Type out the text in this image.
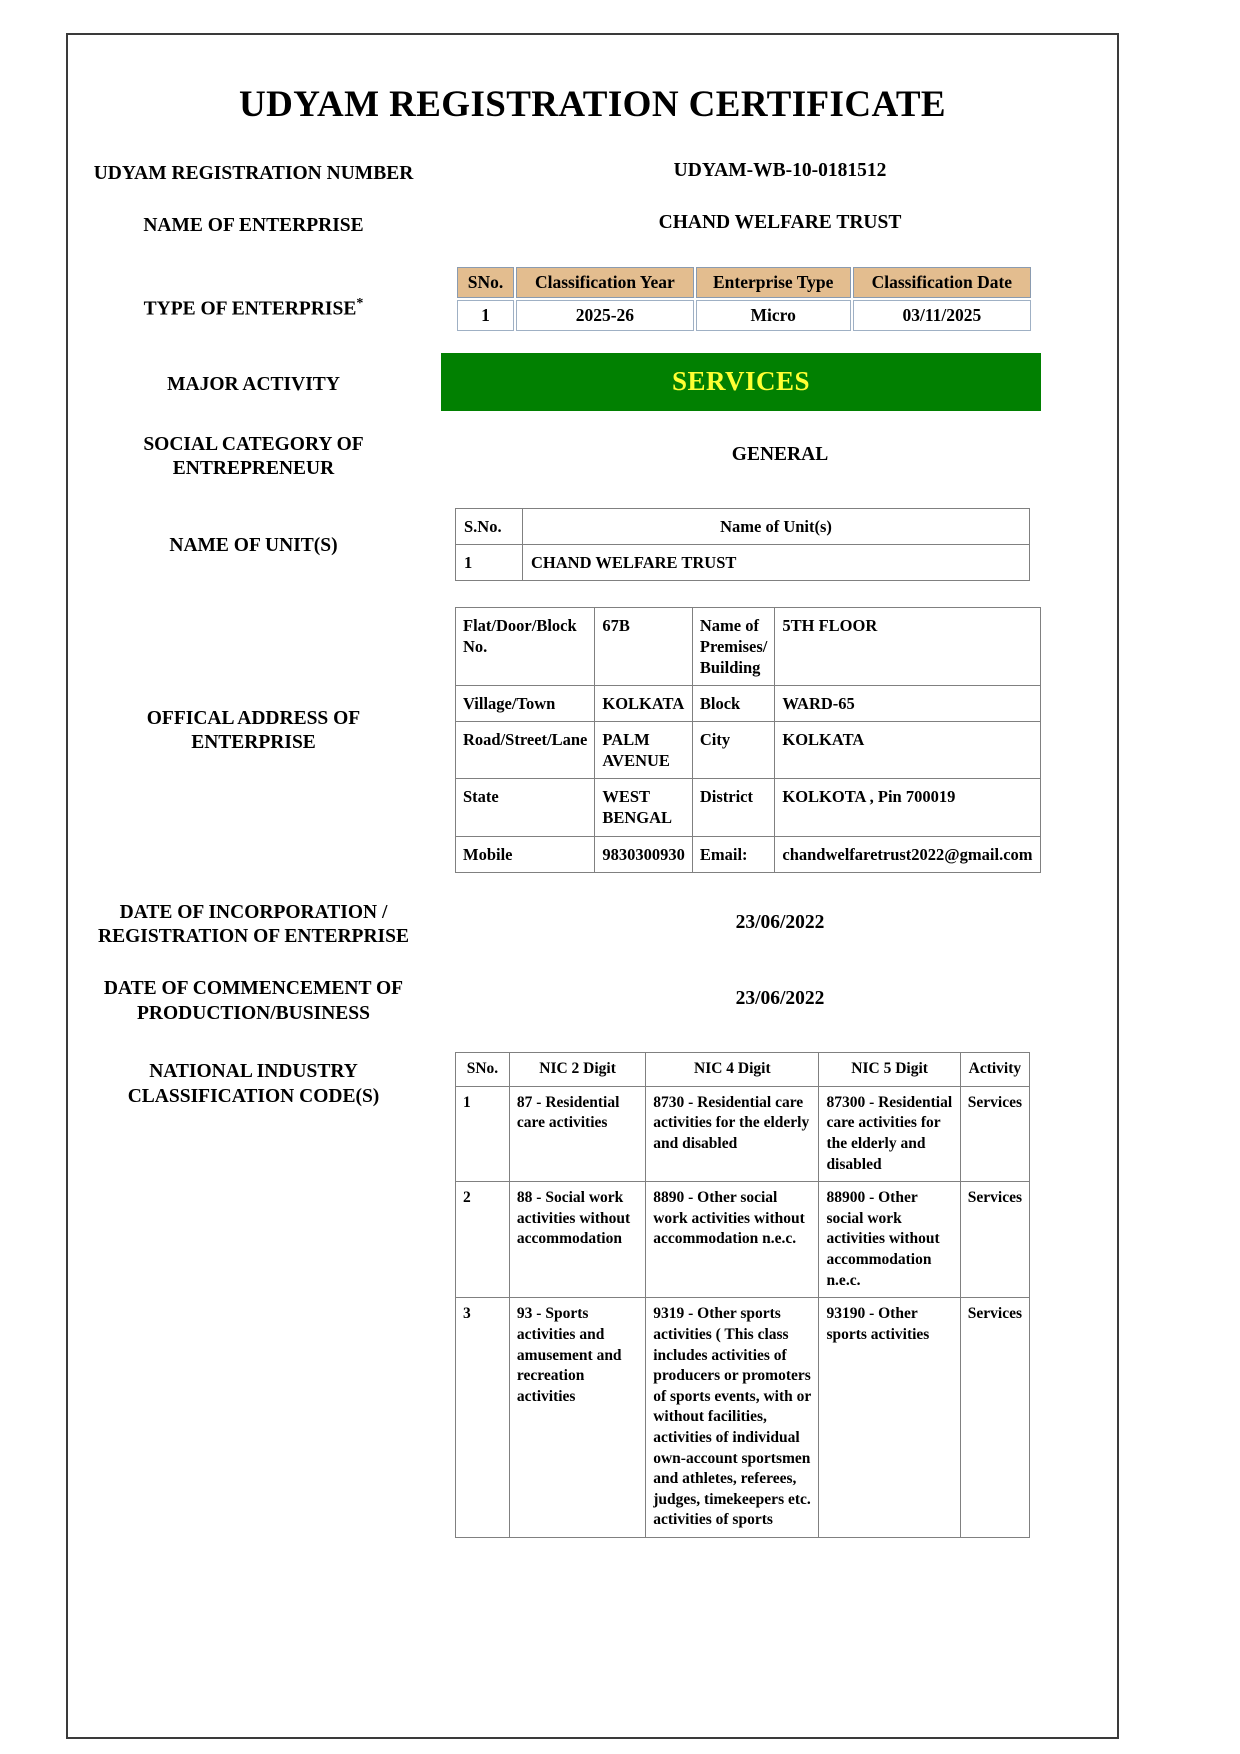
UDYAM REGISTRATION CERTIFICATE
UDYAM REGISTRATION NUMBER	UDYAM-WB-10-0181512
NAME OF ENTERPRISE	CHAND WELFARE TRUST
TYPE OF ENTERPRISE*
SNo.	Classification Year	Enterprise Type	Classification Date
1	2025-26	Micro	03/11/2025
MAJOR ACTIVITY	SERVICES
SOCIAL CATEGORY OF
ENTREPRENEUR
GENERAL
NAME OF UNIT(S)
S.No.	Name of Unit(s)
1	CHAND WELFARE TRUST
OFFICAL ADDRESS OF
ENTERPRISE
Flat/Door/Block No.	67B	Name of Premises/ Building	5TH FLOOR
Village/Town	KOLKATA	Block	WARD-65
Road/Street/Lane	PALM AVENUE	City	KOLKATA
State	WEST BENGAL	District	KOLKOTA , Pin 700019
Mobile	9830300930	Email:	chandwelfaretrust2022@gmail.com
DATE OF INCORPORATION /
REGISTRATION OF ENTERPRISE
23/06/2022
DATE OF COMMENCEMENT OF
PRODUCTION/BUSINESS
23/06/2022
NATIONAL INDUSTRY
CLASSIFICATION CODE(S)
SNo.	NIC 2 Digit	NIC 4 Digit	NIC 5 Digit	Activity
1	87 - Residential care activities	8730 - Residential care activities for the elderly and disabled	87300 - Residential care activities for the elderly and disabled	Services
2	88 - Social work activities without accommodation	8890 - Other social work activities without accommodation n.e.c.	88900 - Other social work activities without accommodation n.e.c.	Services
3	93 - Sports activities and amusement and recreation activities	9319 - Other sports activities ( This class includes activities of producers or promoters of sports events, with or without facilities, activities of individual own-account sportsmen and athletes, referees, judges, timekeepers etc. activities of sports	93190 - Other sports activities	Services
